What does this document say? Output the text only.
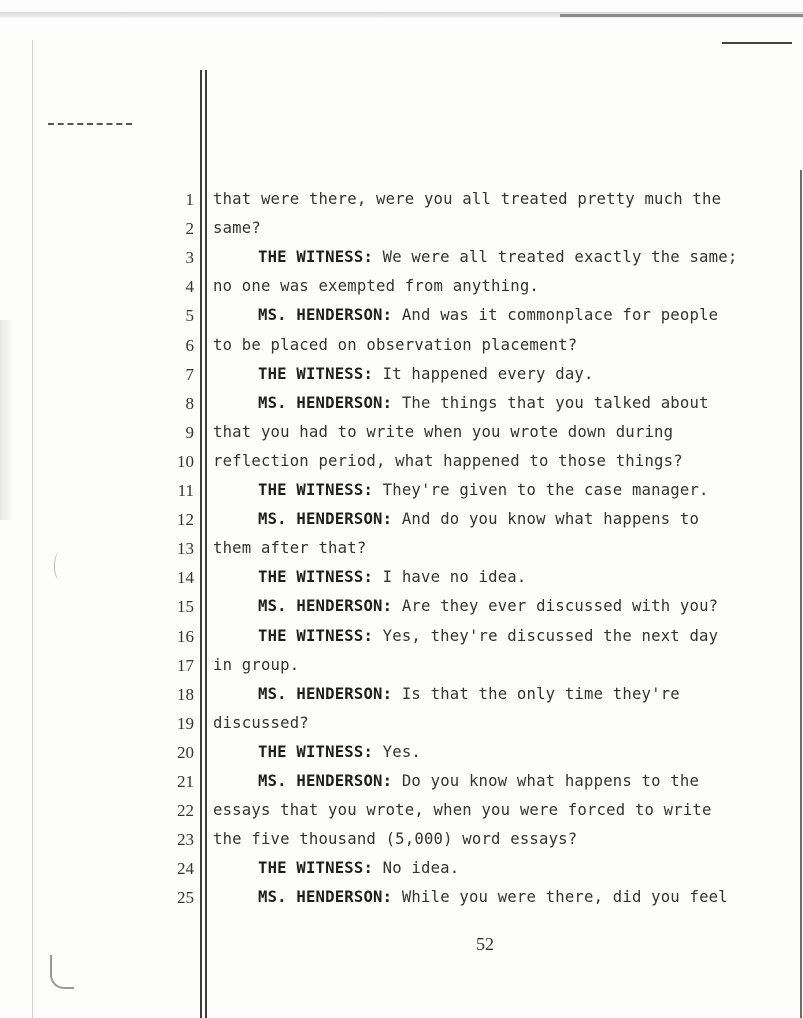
1 that were there, were you all treated pretty much the
2 same?
3	THE WITNESS: We were all treated exactly the same;
4 no one was exempted from anything.
5	MS. HENDERSON: And was it commonplace for people
6 to be placed on observation placement?
7	THE WITNESS: It happened every day.
8	MS. HENDERSON: The things that you talked about
9 that you had to write when you wrote down during
10 reflection period, what happened to those things?
11	THE WITNESS: They're given to the case manager.
12	MS. HENDERSON: And do you know what happens to
13 them after that?
14	THE WITNESS: I have no idea.
15	MS. HENDERSON: Are they ever discussed with you?
16	THE WITNESS: Yes, they're discussed the next day
17 in group.
18	MS. HENDERSON: Is that the only time they're
19 discussed?
20	THE WITNESS: Yes.
21	MS. HENDERSON: Do you know what happens to the
22 essays that you wrote, when you were forced to write
23 the five thousand (5,000) word essays?
24	THE WITNESS: No idea.
25	MS. HENDERSON: While you were there, did you feel
52
